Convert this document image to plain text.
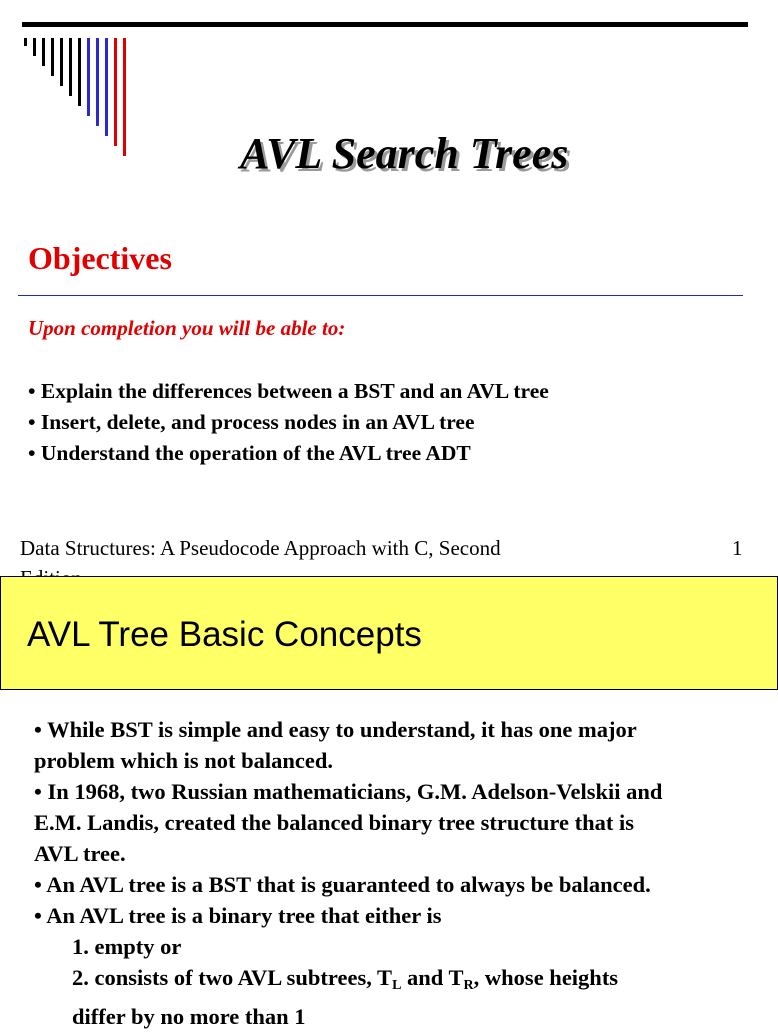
AVL Search Trees
Objectives
Upon completion you will be able to:
• Explain the differences between a BST and an AVL tree
• Insert, delete, and process nodes in an AVL tree
• Understand the operation of the AVL tree ADT
Data Structures: A Pseudocode Approach with C, Second	1
AVL Tree Basic Concepts

• While BST is simple and easy to understand, it has one major

problem which is not balanced.

• In 1968, two Russian mathematicians, G.M. Adelson-Velskii and

E.M. Landis, created the balanced binary tree structure that is

AVL tree.

• An AVL tree is a BST that is guaranteed to always be balanced.

• An AVL tree is a binary tree that either is

1. empty or

2. consists of two AVL subtrees, $T_L$ and $T_R$, whose heights

differ by no more than 1
